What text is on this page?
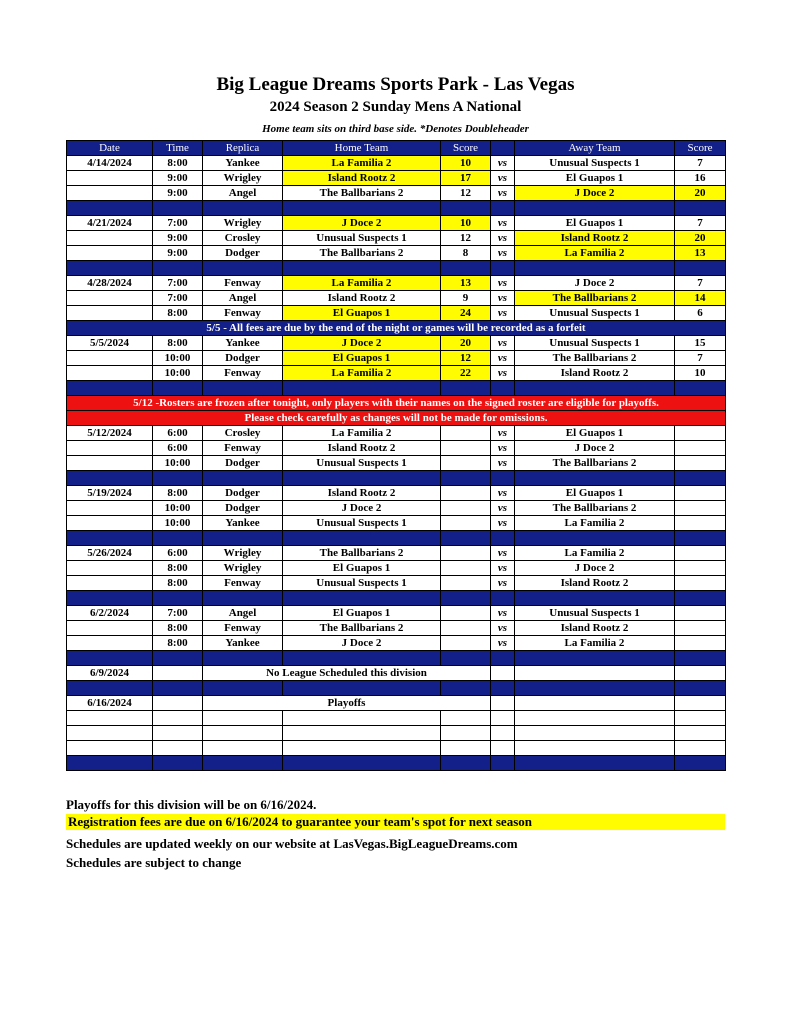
Big League Dreams Sports Park - Las Vegas
2024 Season 2 Sunday Mens A National
Home team sits on third base side. *Denotes Doubleheader
Date	Time	Replica	Home Team	Score		Away Team	Score
4/14/2024	8:00	Yankee	La Familia 2	10	vs	Unusual Suspects 1	7
	9:00	Wrigley	Island Rootz 2	17	vs	El Guapos 1	16
	9:00	Angel	The Ballbarians 2	12	vs	J Doce 2	20

4/21/2024	7:00	Wrigley	J Doce 2	10	vs	El Guapos 1	7
	9:00	Crosley	Unusual Suspects 1	12	vs	Island Rootz 2	20
	9:00	Dodger	The Ballbarians 2	8	vs	La Familia 2	13

4/28/2024	7:00	Fenway	La Familia 2	13	vs	J Doce 2	7
	7:00	Angel	Island Rootz 2	9	vs	The Ballbarians 2	14
	8:00	Fenway	El Guapos 1	24	vs	Unusual Suspects 1	6
5/5 - All fees are due by the end of the night or games will be recorded as a forfeit							
5/5/2024	8:00	Yankee	J Doce 2	20	vs	Unusual Suspects 1	15
	10:00	Dodger	El Guapos 1	12	vs	The Ballbarians 2	7
	10:00	Fenway	La Familia 2	22	vs	Island Rootz 2	10

5/12 -Rosters are frozen after tonight, only players with their names on the signed roster are eligible for playoffs.							
Please check carefully as changes will not be made for omissions.							
5/12/2024	6:00	Crosley	La Familia 2		vs	El Guapos 1	
	6:00	Fenway	Island Rootz 2		vs	J Doce 2	
	10:00	Dodger	Unusual Suspects 1		vs	The Ballbarians 2	

5/19/2024	8:00	Dodger	Island Rootz 2		vs	El Guapos 1	
	10:00	Dodger	J Doce 2		vs	The Ballbarians 2	
	10:00	Yankee	Unusual Suspects 1		vs	La Familia 2	

5/26/2024	6:00	Wrigley	The Ballbarians 2		vs	La Familia 2	
	8:00	Wrigley	El Guapos 1		vs	J Doce 2	
	8:00	Fenway	Unusual Suspects 1		vs	Island Rootz 2	

6/2/2024	7:00	Angel	El Guapos 1		vs	Unusual Suspects 1	
	8:00	Fenway	The Ballbarians 2		vs	Island Rootz 2	
	8:00	Yankee	J Doce 2		vs	La Familia 2	

6/9/2024		No League Scheduled this division					

6/16/2024		Playoffs					

Playoffs for this division will be on 6/16/2024.
Registration fees are due on 6/16/2024 to guarantee your team's spot for next season
Schedules are updated weekly on our website at LasVegas.BigLeagueDreams.com
Schedules are subject to change
